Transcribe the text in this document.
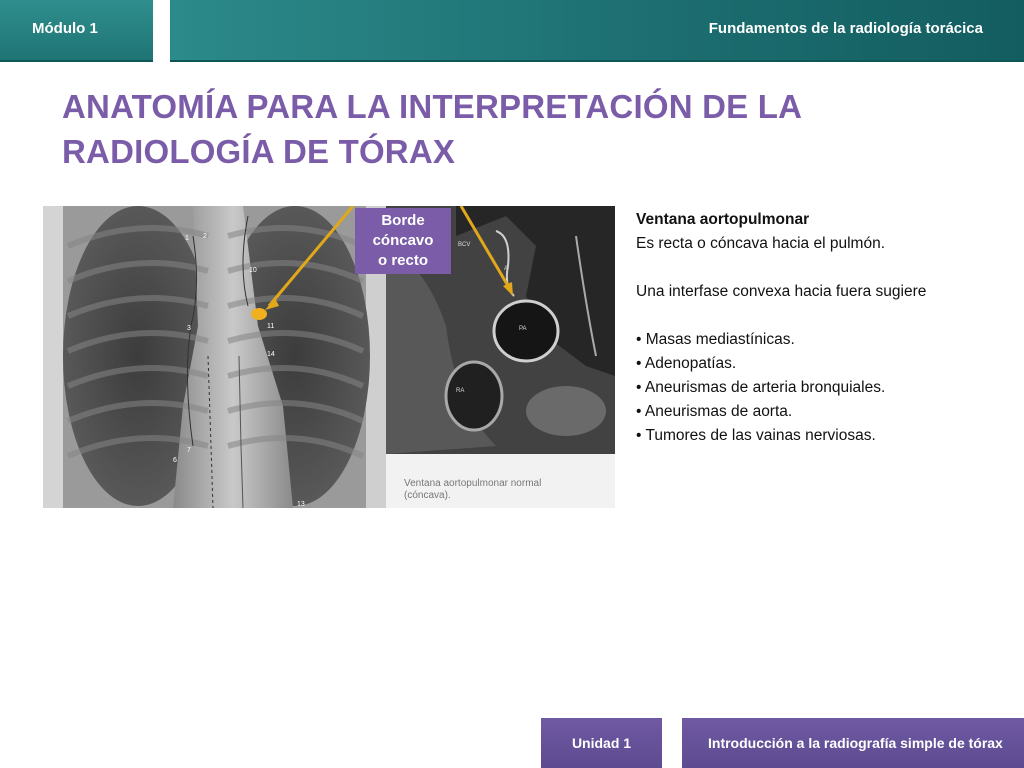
Módulo 1	Fundamentos de la radiología torácica
ANATOMÍA PARA LA INTERPRETACIÓN DE LA RADIOLOGÍA DE TÓRAX
1 2
3
10
11
14
7
6
13
BCV
A
PA
RA
Ventana aortopulmonar normal
(cóncava).
Borde
cóncavo
o recto
Ventana aortopulmonar
Es recta o cóncava hacia el pulmón.
Una interfase convexa hacia fuera sugiere
• Masas mediastínicas.
• Adenopatías.
• Aneurismas de arteria bronquiales.
• Aneurismas de aorta.
• Tumores de las vainas nerviosas.
Unidad 1	Introducción a la radiografía simple de tórax
